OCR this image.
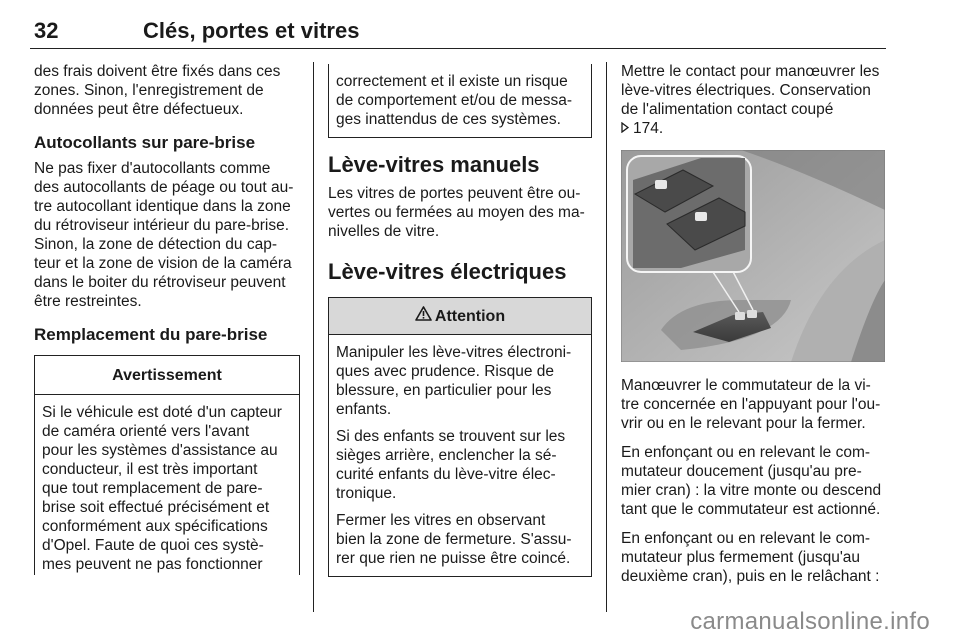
32	Clés, portes et vitres

des frais doivent être fixés dans ces
zones. Sinon, l'enregistrement de
données peut être défectueux.

Autocollants sur pare-brise

Ne pas fixer d'autocollants comme
des autocollants de péage ou tout au-
tre autocollant identique dans la zone
du rétroviseur intérieur du pare-brise.
Sinon, la zone de détection du cap-
teur et la zone de vision de la caméra
dans le boiter du rétroviseur peuvent
être restreintes.

Remplacement du pare-brise
Avertissement
Si le véhicule est doté d'un capteur
de caméra orienté vers l'avant
pour les systèmes d'assistance au
conducteur, il est très important
que tout remplacement de pare-
brise soit effectué précisément et
conformément aux spécifications
d'Opel. Faute de quoi ces systè-
mes peuvent ne pas fonctionner
correctement et il existe un risque
de comportement et/ou de messa-
ges inattendus de ces systèmes.
Lève-vitres manuels

Les vitres de portes peuvent être ou-
vertes ou fermées au moyen des ma-
nivelles de vitre.

Lève-vitres électriques
Attention

Manipuler les lève-vitres électroni-
ques avec prudence. Risque de
blessure, en particulier pour les
enfants.

Si des enfants se trouvent sur les
sièges arrière, enclencher la sé-
curité enfants du lève-vitre élec-
tronique.

Fermer les vitres en observant
bien la zone de fermeture. S'assu-
rer que rien ne puisse être coincé.

Mettre le contact pour manœuvrer les
lève-vitres électriques. Conservation
de l'alimentation contact coupé
174.

Manœuvrer le commutateur de la vi-
tre concernée en l'appuyant pour l'ou-
vrir ou en le relevant pour la fermer.

En enfonçant ou en relevant le com-
mutateur doucement (jusqu'au pre-
mier cran) : la vitre monte ou descend
tant que le commutateur est actionné.

En enfonçant ou en relevant le com-
mutateur plus fermement (jusqu'au
deuxième cran), puis en le relâchant :

carmanualsonline.info
